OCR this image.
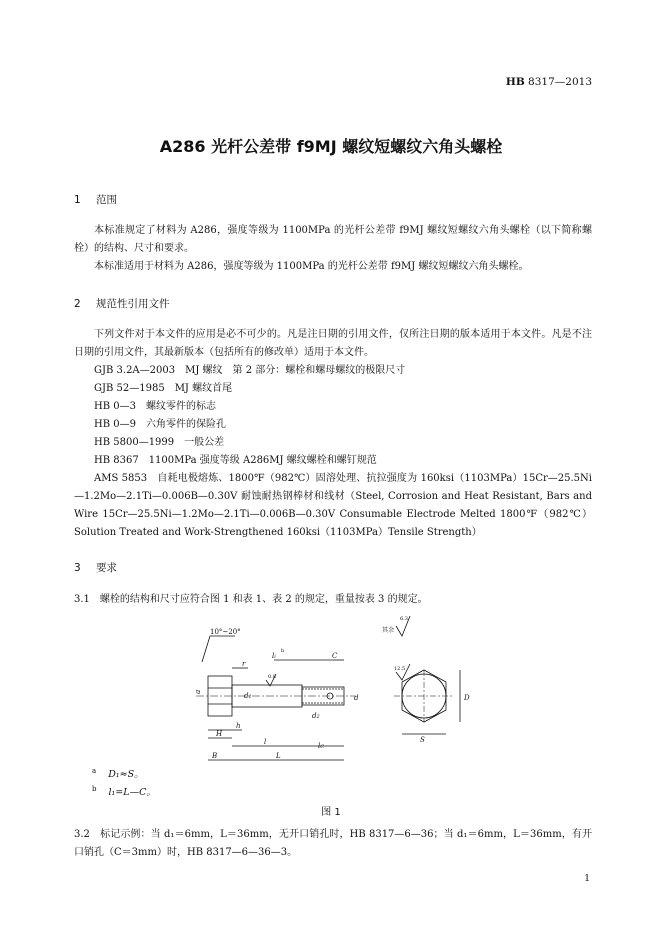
HB 8317—2013
A286 光杆公差带 f9MJ 螺纹短螺纹六角头螺栓
1 范围
本标准规定了材料为 A286，强度等级为 1100MPa 的光杆公差带 f9MJ 螺纹短螺纹六角头螺栓（以下简称螺栓）的结构、尺寸和要求。
本标准适用于材料为 A286，强度等级为 1100MPa 的光杆公差带 f9MJ 螺纹短螺纹六角头螺栓。
2 规范性引用文件
下列文件对于本文件的应用是必不可少的。凡是注日期的引用文件，仅所注日期的版本适用于本文件。凡是不注日期的引用文件，其最新版本（包括所有的修改单）适用于本文件。
GJB 3.2A—2003　MJ 螺纹　第 2 部分：螺栓和螺母螺纹的极限尺寸
GJB 52—1985　MJ 螺纹首尾
HB 0—3　螺纹零件的标志
HB 0—9　六角零件的保险孔
HB 5800—1999　一般公差
HB 8367　1100MPa 强度等级 A286MJ 螺纹螺栓和螺钉规范
AMS 5853　自耗电极熔炼、1800℉（982℃）固溶处理、抗拉强度为 160ksi（1103MPa）15Cr—25.5Ni—1.2Mo—2.1Ti—0.006B—0.30V 耐蚀耐热钢棒材和线材（Steel, Corrosion and Heat Resistant, Bars and Wire 15Cr—25.5Ni—1.2Mo—2.1Ti—0.006B—0.30V Consumable Electrode Melted 1800℉（982℃）Solution Treated and Work-Strengthened 160ksi（1103MPa）Tensile Strength）
3 要求
3.1　螺栓的结构和尺寸应符合图 1 和表 1、表 2 的规定，重量按表 3 的规定。
10°~20°	其余
6.3
li
b
C
r
0.8
a
d1
d2
d
h
H
l	lC
B	L
S
D
12.5
$^a$ D₁≈S。
$^b$ l₁=L—C。
图 1
3.2　标记示例：当 d₁＝6mm，L＝36mm，无开口销孔时，HB 8317—6—36；当 d₁＝6mm，L＝36mm，有开口销孔（C＝3mm）时，HB 8317—6—36—3。
1
